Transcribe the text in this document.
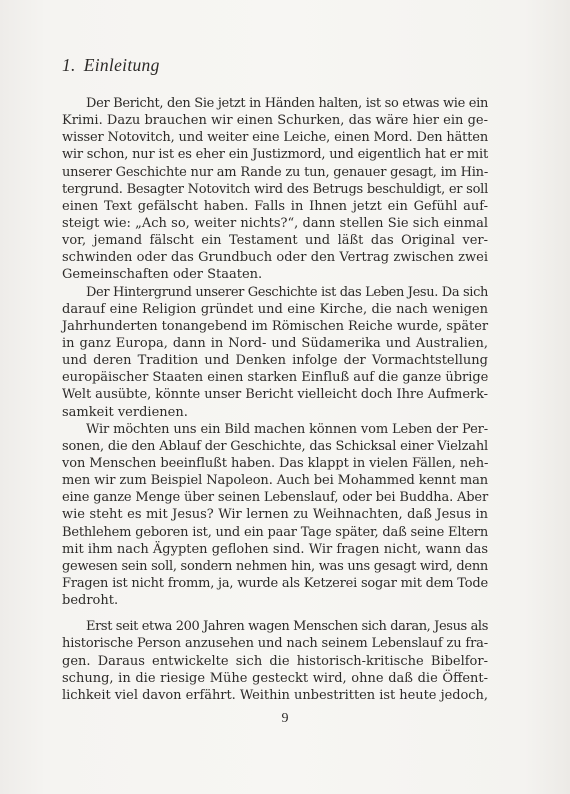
1. Einleitung
Der Bericht, den Sie jetzt in Händen halten, ist so etwas wie ein
Krimi. Dazu brauchen wir einen Schurken, das wäre hier ein ge-
wisser Notovitch, und weiter eine Leiche, einen Mord. Den hätten
wir schon, nur ist es eher ein Justizmord, und eigentlich hat er mit
unserer Geschichte nur am Rande zu tun, genauer gesagt, im Hin-
tergrund. Besagter Notovitch wird des Betrugs beschuldigt, er soll
einen Text gefälscht haben. Falls in Ihnen jetzt ein Gefühl auf-
steigt wie: „Ach so, weiter nichts?“, dann stellen Sie sich einmal
vor, jemand fälscht ein Testament und läßt das Original ver-
schwinden oder das Grundbuch oder den Vertrag zwischen zwei
Gemeinschaften oder Staaten.
Der Hintergrund unserer Geschichte ist das Leben Jesu. Da sich
darauf eine Religion gründet und eine Kirche, die nach wenigen
Jahrhunderten tonangebend im Römischen Reiche wurde, später
in ganz Europa, dann in Nord- und Südamerika und Australien,
und deren Tradition und Denken infolge der Vormachtstellung
europäischer Staaten einen starken Einfluß auf die ganze übrige
Welt ausübte, könnte unser Bericht vielleicht doch Ihre Aufmerk-
samkeit verdienen.
Wir möchten uns ein Bild machen können vom Leben der Per-
sonen, die den Ablauf der Geschichte, das Schicksal einer Vielzahl
von Menschen beeinflußt haben. Das klappt in vielen Fällen, neh-
men wir zum Beispiel Napoleon. Auch bei Mohammed kennt man
eine ganze Menge über seinen Lebenslauf, oder bei Buddha. Aber
wie steht es mit Jesus? Wir lernen zu Weihnachten, daß Jesus in
Bethlehem geboren ist, und ein paar Tage später, daß seine Eltern
mit ihm nach Ägypten geflohen sind. Wir fragen nicht, wann das
gewesen sein soll, sondern nehmen hin, was uns gesagt wird, denn
Fragen ist nicht fromm, ja, wurde als Ketzerei sogar mit dem Tode
bedroht.
Erst seit etwa 200 Jahren wagen Menschen sich daran, Jesus als
historische Person anzusehen und nach seinem Lebenslauf zu fra-
gen. Daraus entwickelte sich die historisch-kritische Bibelfor-
schung, in die riesige Mühe gesteckt wird, ohne daß die Öffent-
lichkeit viel davon erfährt. Weithin unbestritten ist heute jedoch,
9
